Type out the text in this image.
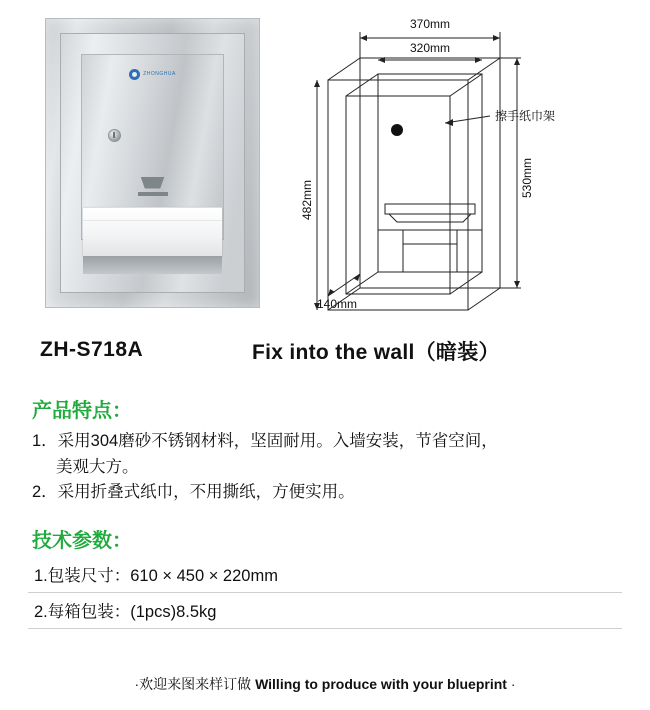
ZHONGHUA
370mm
320mm
482mm
530mm
140mm
擦手纸巾架
ZH-S718A	Fix into the wall（暗装）
产品特点：
1．采用304磨砂不锈钢材料，坚固耐用。入墙安装，节省空间，
美观大方。
2．采用折叠式纸巾，不用撕纸，方便实用。
技术参数：
1.包装尺寸：610 × 450 × 220mm
2.每箱包装：(1pcs)8.5kg
·欢迎来图来样订做 Willing to produce with your blueprint ·
